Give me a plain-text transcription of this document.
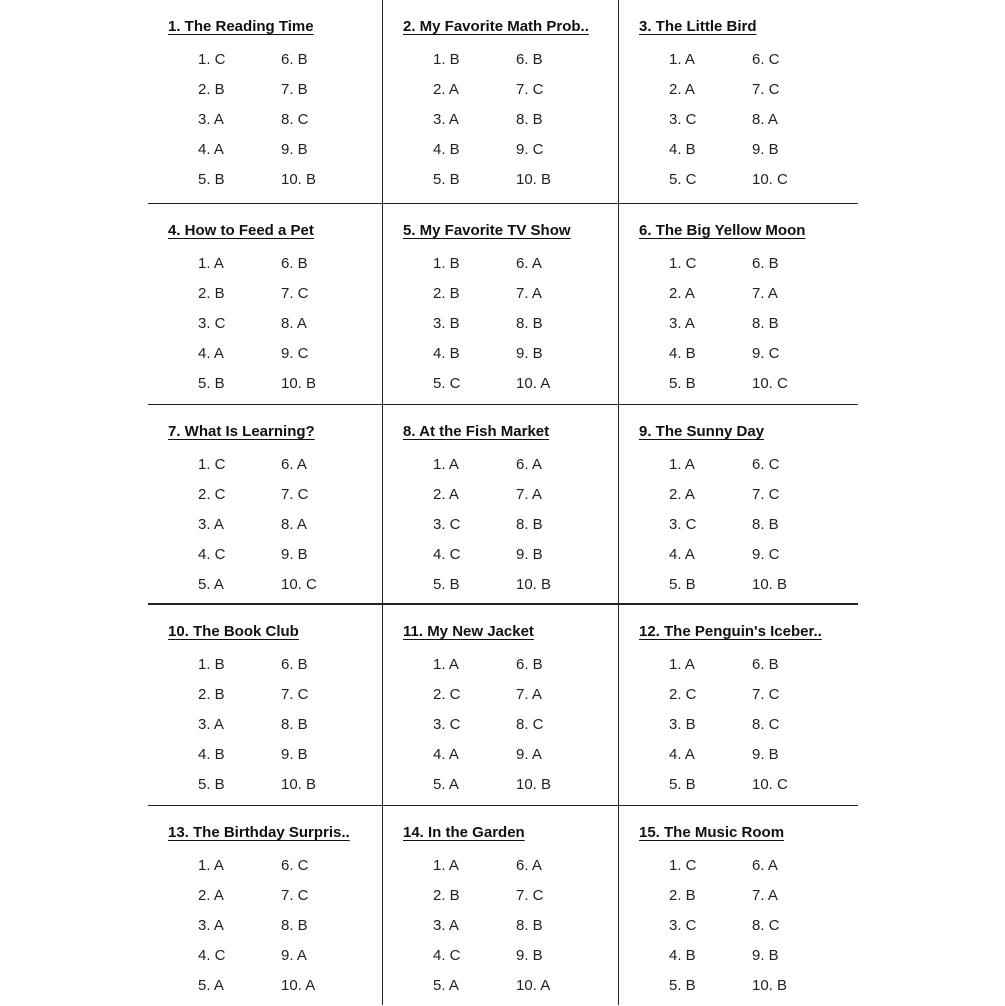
1. The Reading Time
1. C
2. B
3. A
4. A
5. B
6. B
7. B
8. C
9. B
10. B
2. My Favorite Math Prob..
1. B
2. A
3. A
4. B
5. B
6. B
7. C
8. B
9. C
10. B
3. The Little Bird
1. A
2. A
3. C
4. B
5. C
6. C
7. C
8. A
9. B
10. C
4. How to Feed a Pet
1. A
2. B
3. C
4. A
5. B
6. B
7. C
8. A
9. C
10. B
5. My Favorite TV Show
1. B
2. B
3. B
4. B
5. C
6. A
7. A
8. B
9. B
10. A
6. The Big Yellow Moon
1. C
2. A
3. A
4. B
5. B
6. B
7. A
8. B
9. C
10. C
7. What Is Learning?
1. C
2. C
3. A
4. C
5. A
6. A
7. C
8. A
9. B
10. C
8. At the Fish Market
1. A
2. A
3. C
4. C
5. B
6. A
7. A
8. B
9. B
10. B
9. The Sunny Day
1. A
2. A
3. C
4. A
5. B
6. C
7. C
8. B
9. C
10. B
10. The Book Club
1. B
2. B
3. A
4. B
5. B
6. B
7. C
8. B
9. B
10. B
11. My New Jacket
1. A
2. C
3. C
4. A
5. A
6. B
7. A
8. C
9. A
10. B
12. The Penguin's Iceber..
1. A
2. C
3. B
4. A
5. B
6. B
7. C
8. C
9. B
10. C
13. The Birthday Surpris..
1. A
2. A
3. A
4. C
5. A
6. C
7. C
8. B
9. A
10. A
14. In the Garden
1. A
2. B
3. A
4. C
5. A
6. A
7. C
8. B
9. B
10. A
15. The Music Room
1. C
2. B
3. C
4. B
5. B
6. A
7. A
8. C
9. B
10. B
